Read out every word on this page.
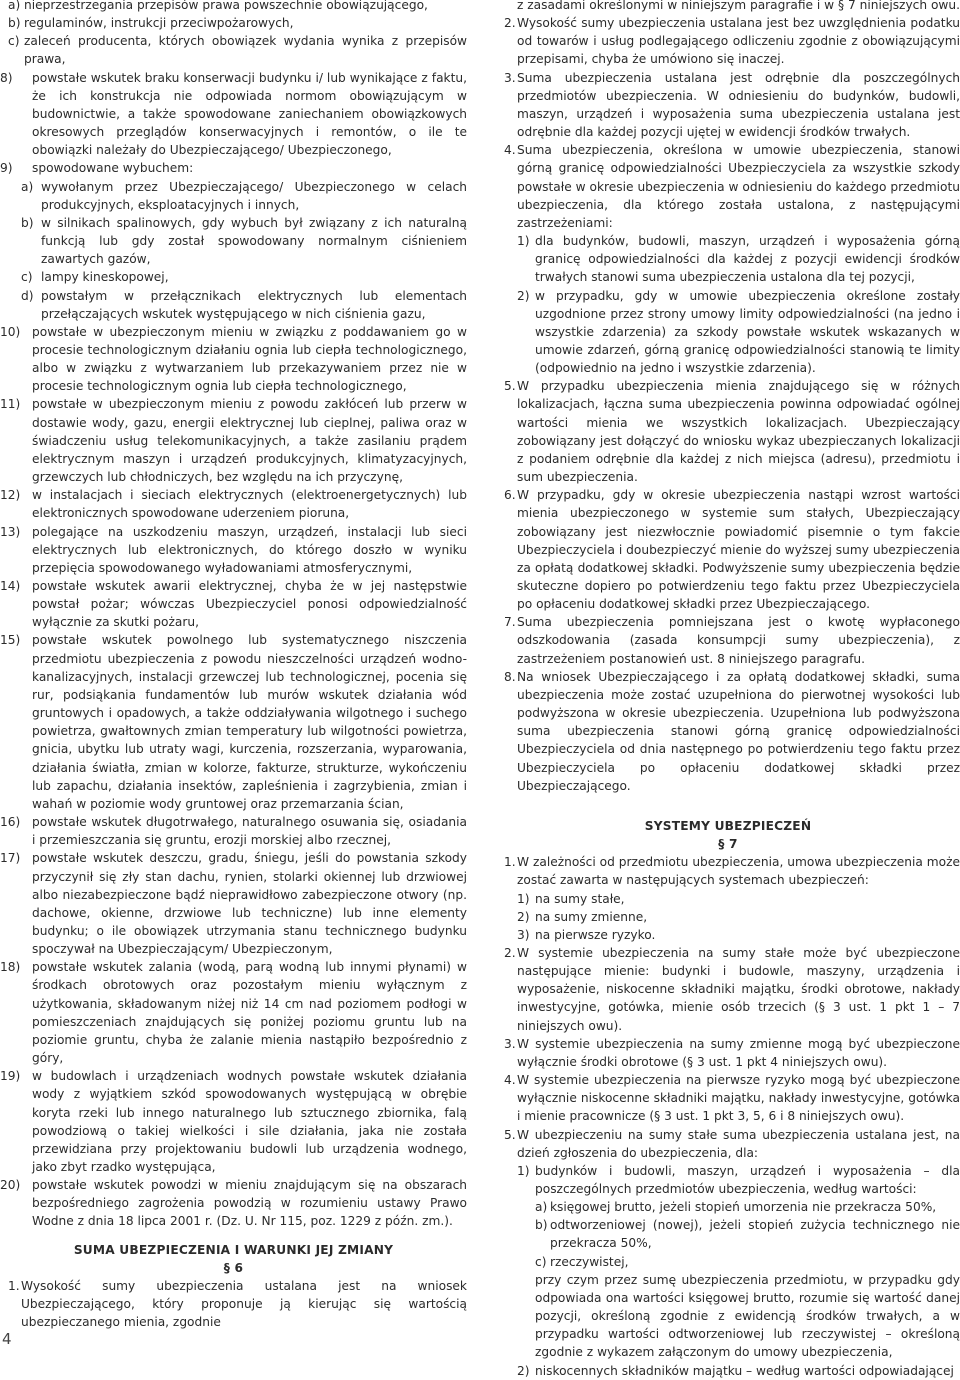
a) nieprzestrzegania przepisów prawa powszechnie obowiązującego,
b) regulaminów, instrukcji przeciwpożarowych,
c) zaleceń producenta, których obowiązek wydania wynika z przepisów prawa,
8)	powstałe wskutek braku konserwacji budynku i/ lub wynikające z faktu, że ich konstrukcja nie odpowiada normom obowiązującym w budownictwie, a także spowodowane zaniechaniem obowiązkowych okresowych przeglądów konserwacyjnych i remontów, o ile te obowiązki należały do Ubezpieczającego/ Ubezpieczonego,
9)	spowodowane wybuchem:
a) wywołanym przez Ubezpieczającego/ Ubezpieczonego w celach produkcyjnych, eksploatacyjnych i innych,
b) w silnikach spalinowych, gdy wybuch był związany z ich naturalną funkcją lub gdy został spowodowany normalnym ciśnieniem zawartych gazów,
c) lampy kineskopowej,
d) powstałym w przełącznikach elektrycznych lub elementach przełączających wskutek występującego w nich ciśnienia gazu,
10) powstałe w ubezpieczonym mieniu w związku z poddawaniem go w procesie technologicznym działaniu ognia lub ciepła technologicznego, albo w związku z wytwarzaniem lub przekazywaniem przez nie w procesie technologicznym ognia lub ciepła technologicznego,
11) powstałe w ubezpieczonym mieniu z powodu zakłóceń lub przerw w dostawie wody, gazu, energii elektrycznej lub cieplnej, paliwa oraz w świadczeniu usług telekomunikacyjnych, a także zasilaniu prądem elektrycznym maszyn i urządzeń produkcyjnych, klimatyzacyjnych, grzewczych lub chłodniczych, bez względu na ich przyczynę,
12) w instalacjach i sieciach elektrycznych (elektroenergetycznych) lub elektronicznych spowodowane uderzeniem pioruna,
13) polegające na uszkodzeniu maszyn, urządzeń, instalacji lub sieci elektrycznych lub elektronicznych, do którego doszło w wyniku przepięcia spowodowanego wyładowaniami atmosferycznymi,
14) powstałe wskutek awarii elektrycznej, chyba że w jej następstwie powstał pożar; wówczas Ubezpieczyciel ponosi odpowiedzialność wyłącznie za skutki pożaru,
15) powstałe wskutek powolnego lub systematycznego niszczenia przedmiotu ubezpieczenia z powodu nieszczelności urządzeń wodno-kanalizacyjnych, instalacji grzewczej lub technologicznej, pocenia się rur, podsiąkania fundamentów lub murów wskutek działania wód gruntowych i opadowych, a także oddziaływania wilgotnego i suchego powietrza, gwałtownych zmian temperatury lub wilgotności powietrza, gnicia, ubytku lub utraty wagi, kurczenia, rozszerzania, wyparowania, działania światła, zmian w kolorze, fakturze, strukturze, wykończeniu lub zapachu, działania insektów, zapleśnienia i zagrzybienia, zmian i wahań w poziomie wody gruntowej oraz przemarzania ścian,
16) powstałe wskutek długotrwałego, naturalnego osuwania się, osiadania i przemieszczania się gruntu, erozji morskiej albo rzecznej,
17) powstałe wskutek deszczu, gradu, śniegu, jeśli do powstania szkody przyczynił się zły stan dachu, rynien, stolarki okiennej lub drzwiowej albo niezabezpieczone bądź nieprawidłowo zabezpieczone otwory (np. dachowe, okienne, drzwiowe lub techniczne) lub inne elementy budynku; o ile obowiązek utrzymania stanu technicznego budynku spoczywał na Ubezpieczającym/ Ubezpieczonym,
18) powstałe wskutek zalania (wodą, parą wodną lub innymi płynami) w środkach obrotowych oraz pozostałym mieniu wyłącznym z użytkowania, składowanym niżej niż 14 cm nad poziomem podłogi w pomieszczeniach znajdujących się poniżej poziomu gruntu lub na poziomie gruntu, chyba że zalanie mienia nastąpiło bezpośrednio z góry,
19) w budowlach i urządzeniach wodnych powstałe wskutek działania wody z wyjątkiem szkód spowodowanych występującą w obrębie koryta rzeki lub innego naturalnego lub sztucznego zbiornika, falą powodziową o takiej wielkości i sile działania, jaka nie została przewidziana przy projektowaniu budowli lub urządzenia wodnego, jako zbyt rzadko występująca,
20) powstałe wskutek powodzi w mieniu znajdującym się na obszarach bezpośredniego zagrożenia powodzią w rozumieniu ustawy Prawo Wodne z dnia 18 lipca 2001 r. (Dz. U. Nr 115, poz. 1229 z późn. zm.).

SUMA UBEZPIECZENIA I WARUNKI JEJ ZMIANY

§ 6

1. Wysokość sumy ubezpieczenia ustalana jest na wniosek Ubezpieczającego, który proponuje ją kierując się wartością ubezpieczanego mienia, zgodnie

z zasadami określonymi w niniejszym paragrafie i w § 7 niniejszych owu.

2. Wysokość sumy ubezpieczenia ustalana jest bez uwzględnienia podatku od towarów i usług podlegającego odliczeniu zgodnie z obowiązującymi przepisami, chyba że umówiono się inaczej.
3. Suma ubezpieczenia ustalana jest odrębnie dla poszczególnych przedmiotów ubezpieczenia. W odniesieniu do budynków, budowli, maszyn, urządzeń i wyposażenia suma ubezpieczenia ustalana jest odrębnie dla każdej pozycji ujętej w ewidencji środków trwałych.
4. Suma ubezpieczenia, określona w umowie ubezpieczenia, stanowi górną granicę odpowiedzialności Ubezpieczyciela za wszystkie szkody powstałe w okresie ubezpieczenia w odniesieniu do każdego przedmiotu ubezpieczenia, dla którego została ustalona, z następującymi zastrzeżeniami:
1) dla budynków, budowli, maszyn, urządzeń i wyposażenia górną granicę odpowiedzialności dla każdej z pozycji ewidencji środków trwałych stanowi suma ubezpieczenia ustalona dla tej pozycji,
2) w przypadku, gdy w umowie ubezpieczenia określone zostały uzgodnione przez strony umowy limity odpowiedzialności (na jedno i wszystkie zdarzenia) za szkody powstałe wskutek wskazanych w umowie zdarzeń, górną granicę odpowiedzialności stanowią te limity (odpowiednio na jedno i wszystkie zdarzenia).
5. W przypadku ubezpieczenia mienia znajdującego się w różnych lokalizacjach, łączna suma ubezpieczenia powinna odpowiadać ogólnej wartości mienia we wszystkich lokalizacjach. Ubezpieczający zobowiązany jest dołączyć do wniosku wykaz ubezpieczanych lokalizacji z podaniem odrębnie dla każdej z nich miejsca (adresu), przedmiotu i sum ubezpieczenia.
6. W przypadku, gdy w okresie ubezpieczenia nastąpi wzrost wartości mienia ubezpieczonego w systemie sum stałych, Ubezpieczający zobowiązany jest niezwłocznie powiadomić pisemnie o tym fakcie Ubezpieczyciela i doubezpieczyć mienie do wyższej sumy ubezpieczenia za opłatą dodatkowej składki. Podwyższenie sumy ubezpieczenia będzie skuteczne dopiero po potwierdzeniu tego faktu przez Ubezpieczyciela po opłaceniu dodatkowej składki przez Ubezpieczającego.
7. Suma ubezpieczenia pomniejszana jest o kwotę wypłaconego odszkodowania (zasada konsumpcji sumy ubezpieczenia), z zastrzeżeniem postanowień ust. 8 niniejszego paragrafu.
8. Na wniosek Ubezpieczającego i za opłatą dodatkowej składki, suma ubezpieczenia może zostać uzupełniona do pierwotnej wysokości lub podwyższona w okresie ubezpieczenia. Uzupełniona lub podwyższona suma ubezpieczenia stanowi górną granicę odpowiedzialności Ubezpieczyciela od dnia następnego po potwierdzeniu tego faktu przez Ubezpieczyciela po opłaceniu dodatkowej składki przez Ubezpieczającego.

SYSTEMY UBEZPIECZEŃ

§ 7

1. W zależności od przedmiotu ubezpieczenia, umowa ubezpieczenia może zostać zawarta w następujących systemach ubezpieczeń:
1) na sumy stałe,
2) na sumy zmienne,
3) na pierwsze ryzyko.
2. W systemie ubezpieczenia na sumy stałe może być ubezpieczone następujące mienie: budynki i budowle, maszyny, urządzenia i wyposażenie, niskocenne składniki majątku, środki obrotowe, nakłady inwestycyjne, gotówka, mienie osób trzecich (§ 3 ust. 1 pkt 1 – 7 niniejszych owu).
3. W systemie ubezpieczenia na sumy zmienne mogą być ubezpieczone wyłącznie środki obrotowe (§ 3 ust. 1 pkt 4 niniejszych owu).
4. W systemie ubezpieczenia na pierwsze ryzyko mogą być ubezpieczone wyłącznie niskocenne składniki majątku, nakłady inwestycyjne, gotówka i mienie pracownicze (§ 3 ust. 1 pkt 3, 5, 6 i 8 niniejszych owu).
5. W ubezpieczeniu na sumy stałe suma ubezpieczenia ustalana jest, na dzień zgłoszenia do ubezpieczenia, dla:
1) budynków i budowli, maszyn, urządzeń i wyposażenia – dla poszczególnych przedmiotów ubezpieczenia, według wartości:
a) księgowej brutto, jeżeli stopień umorzenia nie przekracza 50%,
b) odtworzeniowej (nowej), jeżeli stopień zużycia technicznego nie przekracza 50%,
c) rzeczywistej,

przy czym przez sumę ubezpieczenia przedmiotu, w przypadku gdy odpowiada ona wartości księgowej brutto, rozumie się wartość danej pozycji, określoną zgodnie z ewidencją środków trwałych, a w przypadku wartości odtworzeniowej lub rzeczywistej – określoną zgodnie z wykazem załączonym do umowy ubezpieczenia,

2) niskocennych składników majątku – według wartości odpowiadającej
4
